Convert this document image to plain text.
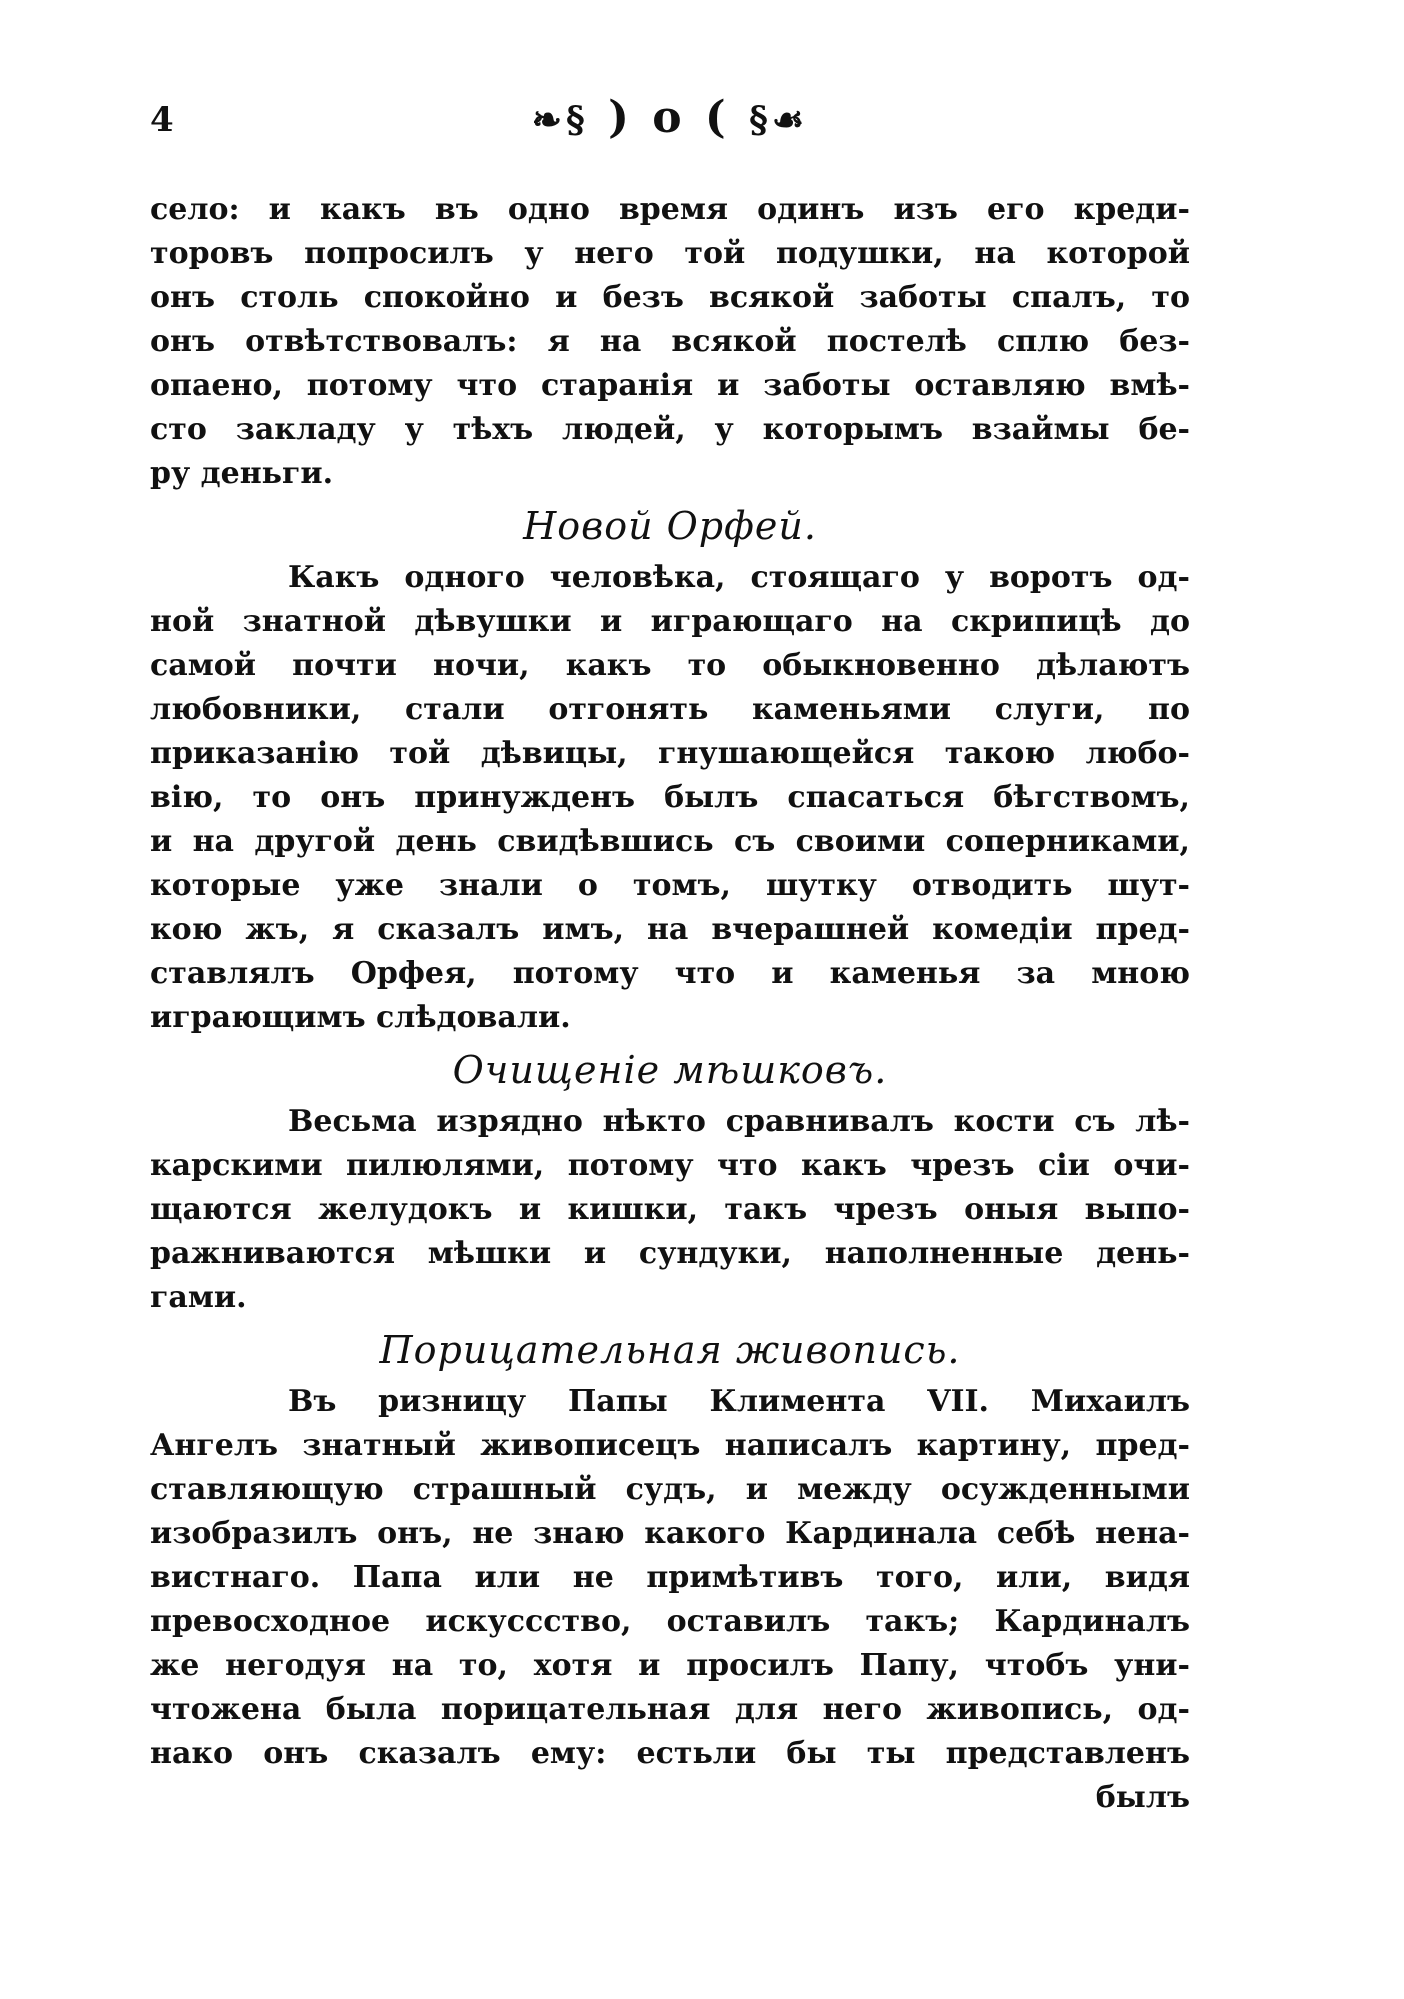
4	❧§ ) o ( §☙
село: и какъ въ одно время одинъ изъ его креди-
торовъ попросилъ у него той подушки, на которой
онъ столь спокойно и безъ всякой заботы спалъ, то
онъ отвѣтствовалъ: я на всякой постелѣ сплю без-
опаено, потому что старанія и заботы оставляю вмѣ-
сто закладу у тѣхъ людей, у которымъ взаймы бе-
ру деньги.
Новой Орфей.
Какъ одного человѣка, стоящаго у воротъ од-
ной знатной дѣвушки и играющаго на скрипицѣ до
самой почти ночи, какъ то обыкновенно дѣлаютъ
любовники, стали отгонять каменьями слуги, по
приказанію той дѣвицы, гнушающейся такою любо-
вію, то онъ принужденъ былъ спасаться бѣгствомъ,
и на другой день свидѣвшись съ своими соперниками,
которые уже знали о томъ, шутку отводить шут-
кою жъ, я сказалъ имъ, на вчерашней комедіи пред-
ставлялъ Орфея, потому что и каменья за мною
играющимъ слѣдовали.
Очищеніе мѣшковъ.
Весьма изрядно нѣкто сравнивалъ кости съ лѣ-
карскими пилюлями, потому что какъ чрезъ сіи очи-
щаются желудокъ и кишки, такъ чрезъ оныя выпо-
ражниваются мѣшки и сундуки, наполненные день-
гами.
Порицательная живопись.
Въ ризницу Папы Климента VII. Михаилъ
Ангелъ знатный живописецъ написалъ картину, пред-
ставляющую страшный судъ, и между осужденными
изобразилъ онъ, не знаю какого Кардинала себѣ нена-
вистнаго. Папа или не примѣтивъ того, или, видя
превосходное искуссство, оставилъ такъ; Кардиналъ
же негодуя на то, хотя и просилъ Папу, чтобъ уни-
чтожена была порицательная для него живопись, од-
нако онъ сказалъ ему: естьли бы ты представленъ
былъ
